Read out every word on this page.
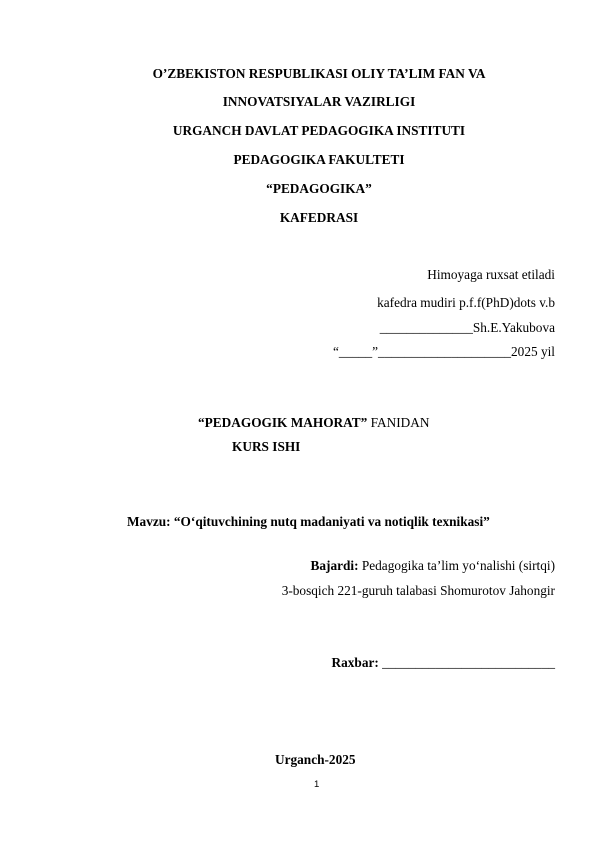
O’ZBEKISTON RESPUBLIKASI OLIY TA’LIM FAN VA
INNOVATSIYALAR VAZIRLIGI
URGANCH DAVLAT PEDAGOGIKA INSTITUTI
PEDAGOGIKA FAKULTETI
“PEDAGOGIKA”
KAFEDRASI
Himoyaga ruxsat etiladi
kafedra mudiri p.f.f(PhD)dots v.b
______________Sh.E.Yakubova
“_____”____________________2025 yil
“PEDAGOGIK MAHORAT” FANIDAN
KURS ISHI
Mavzu: “O‘qituvchining nutq madaniyati va notiqlik texnikasi”
Bajardi: Pedagogika ta’lim yo‘nalishi (sirtqi)
3-bosqich 221-guruh talabasi Shomurotov Jahongir
Raxbar: __________________________
Urganch-2025
1
